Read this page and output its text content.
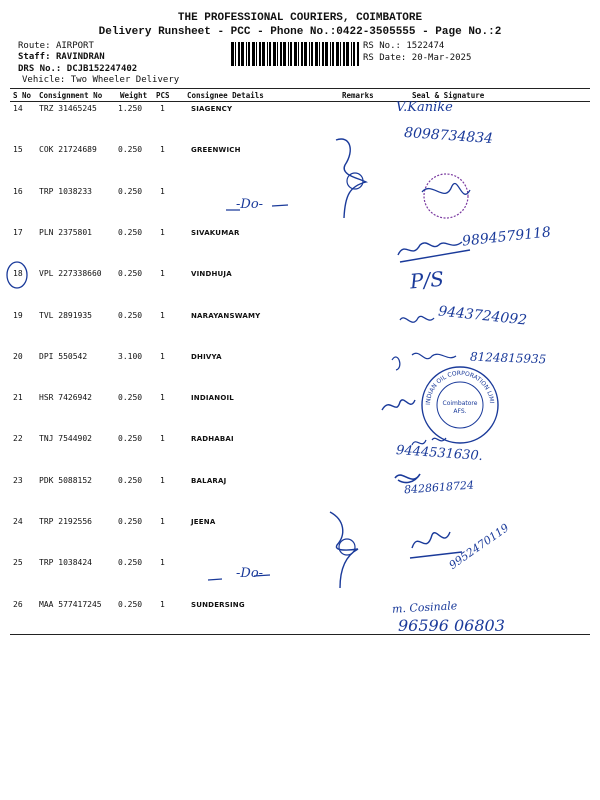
THE PROFESSIONAL COURIERS, COIMBATORE
Delivery Runsheet - PCC - Phone No.:0422-3505555 - Page No.:2
Route: AIRPORT
Staff: RAVINDRAN
DRS No.: DCJB152247402
Vehicle: Two Wheeler Delivery
RS No.: 1522474
RS Date: 20-Mar-2025
S No Consignment No Weight PCS Consignee Details	Remarks	Seal & Signature
14 TRZ 31465245	1.250 1	SIAGENCY
15 COK 21724689	0.250 1	GREENWICH
16 TRP 1038233	0.250 1
17 PLN 2375801	0.250 1	SIVAKUMAR
18 VPL 227338660 0.250 1	VINDHUJA
19 TVL 2891935	0.250 1	NARAYANSWAMY
20 DPI 550542	3.100 1	DHIVYA
21 HSR 7426942	0.250 1	INDIANOIL
22 TNJ 7544902	0.250 1	RADHABAI
23 PDK 5088152	0.250 1	BALARAJ
24 TRP 2192556	0.250 1	JEENA
25 TRP 1038424	0.250 1
26 MAA 577417245 0.250 1	SUNDERSING
V.Kanike
8098734834
-Do-
9894579118
P/S
9443724092
8124815935
9444531630.
8428618724
9952470119
-Do-
m. Cosinale
96596 06803
INDIAN OIL CORPORATION LIMITED
Coimbatore
AFS.
